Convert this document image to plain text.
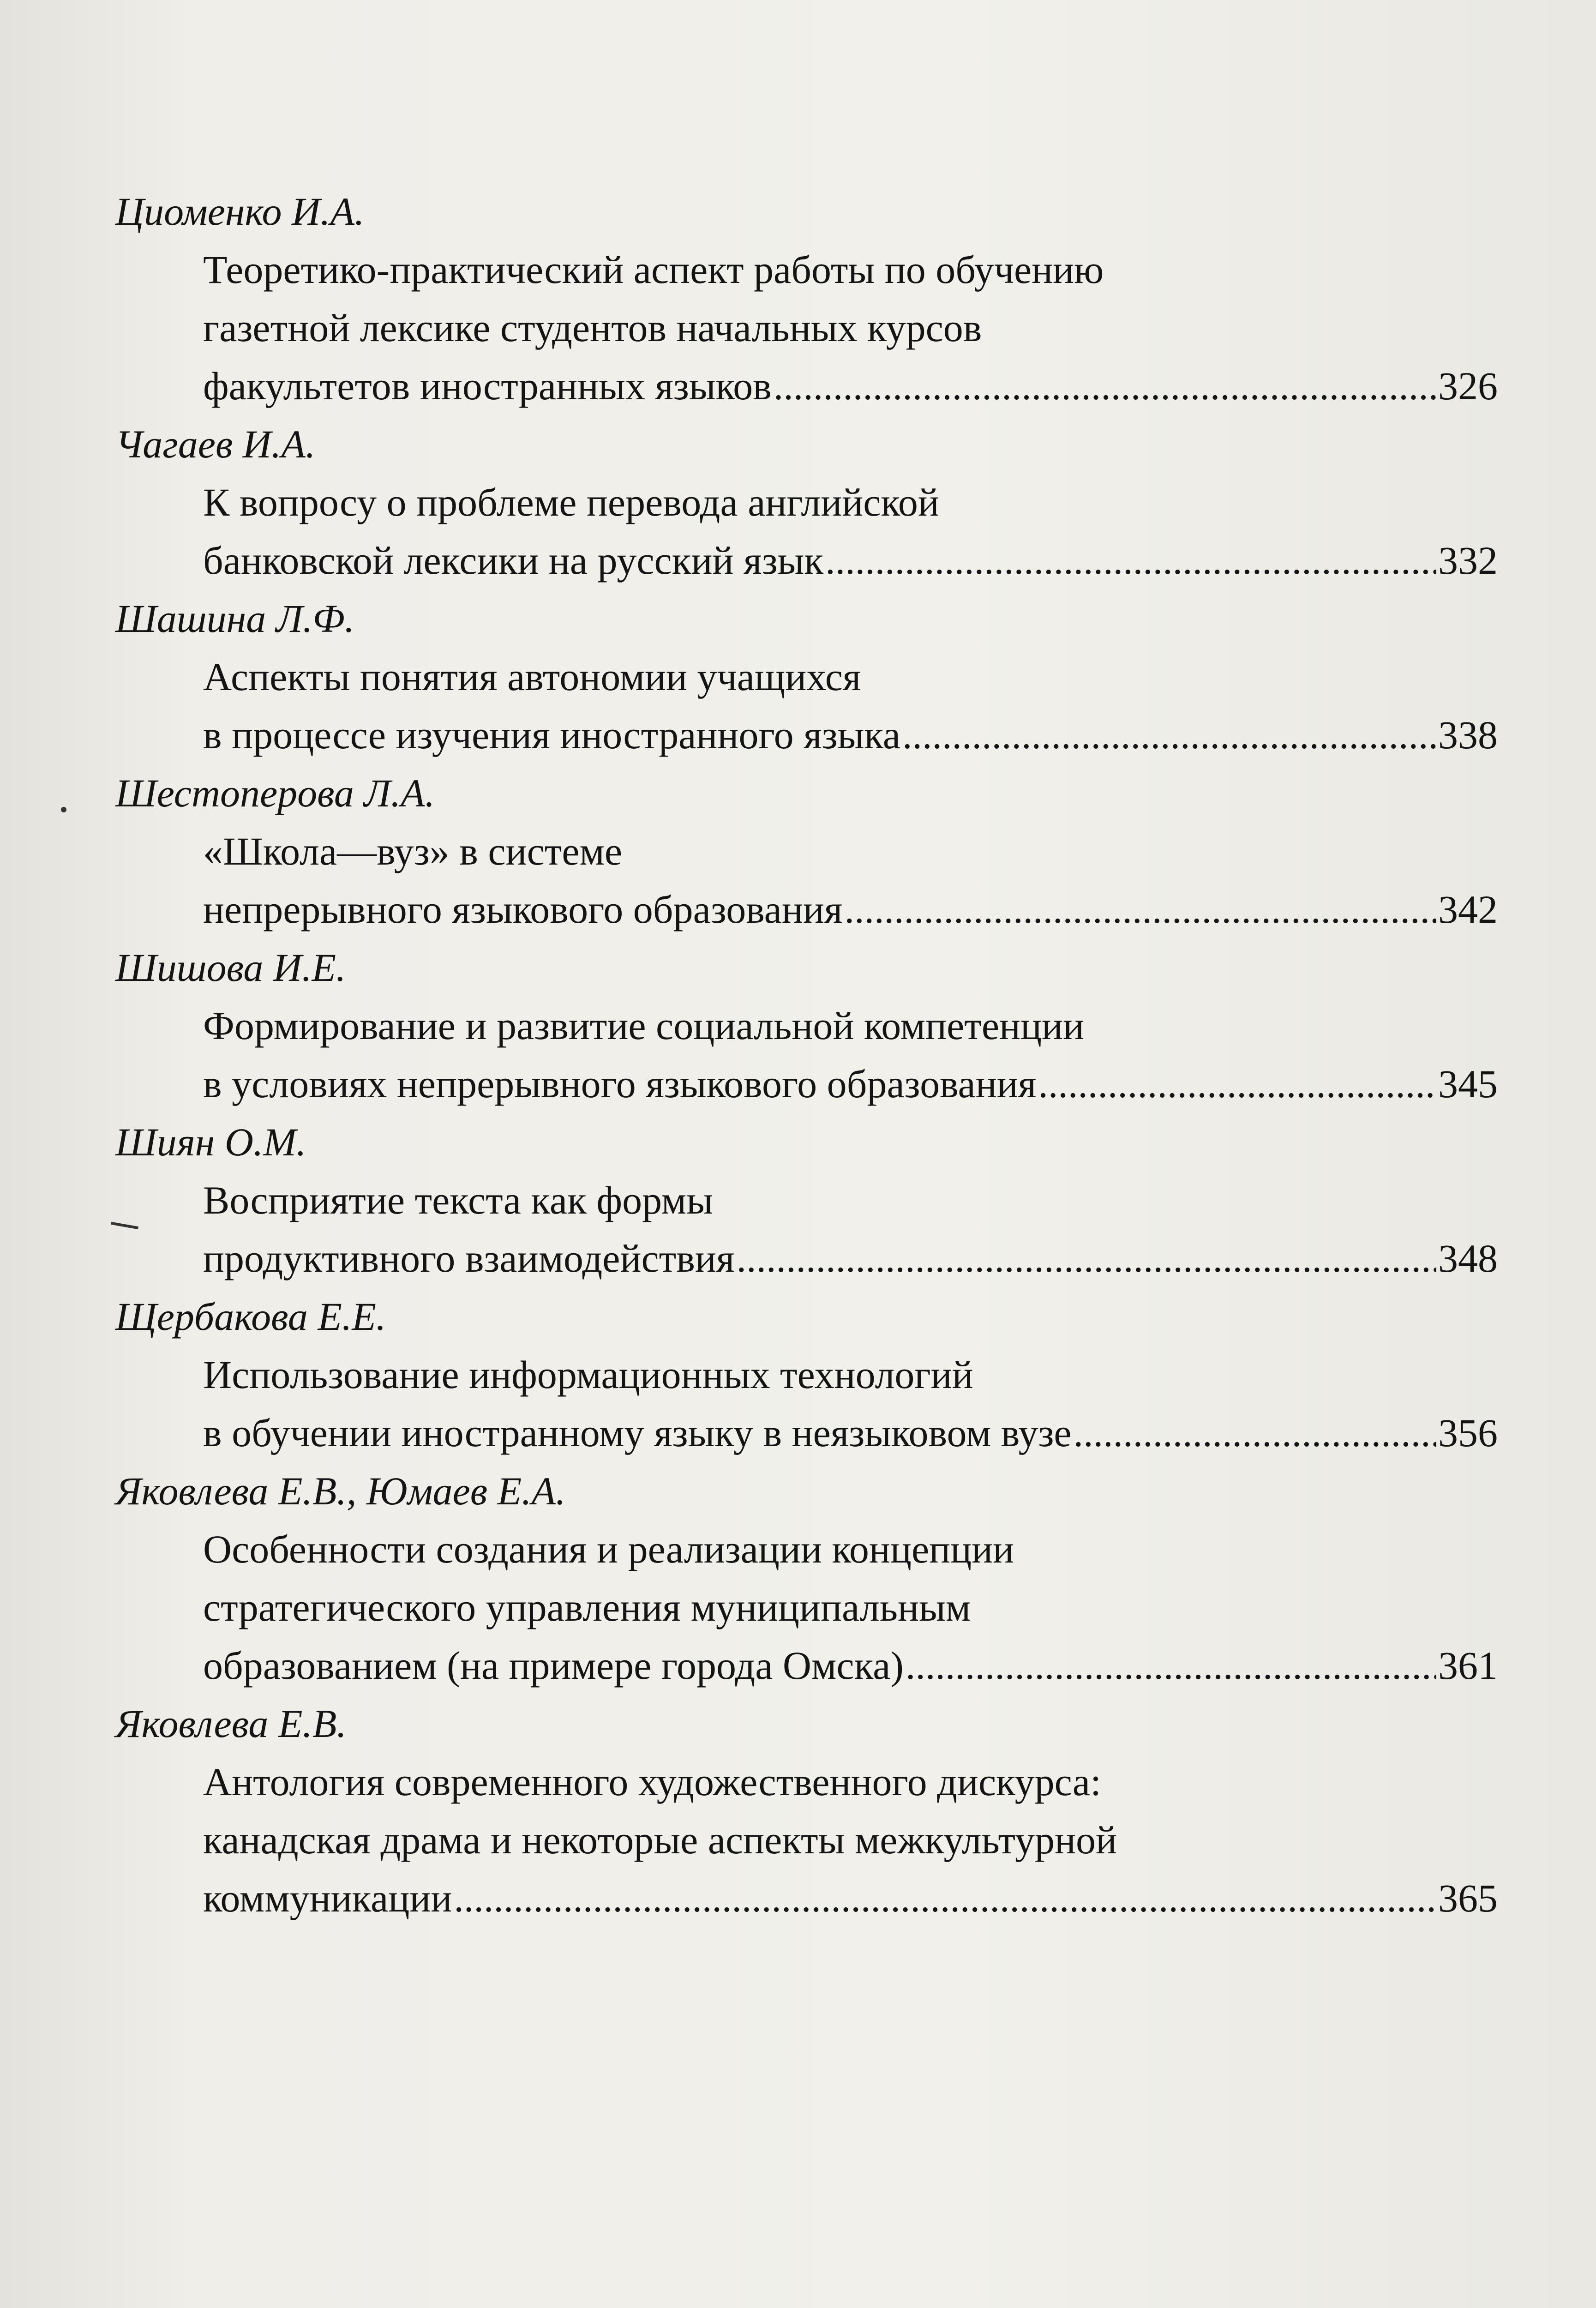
Циоменко И.А.
Теоретико-практический аспект работы по обучению
газетной лексике студентов начальных курсов
факультетов иностранных языков .....	326
Чагаев И.А.
К вопросу о проблеме перевода английской
банковской лексики на русский язык .....	332
Шашина Л.Ф.
Аспекты понятия автономии учащихся
в процессе изучения иностранного языка .....	338
Шестоперова Л.А.
«Школа—вуз» в системе
непрерывного языкового образования .....	342
Шишова И.Е.
Формирование и развитие социальной компетенции
в условиях непрерывного языкового образования .....	345
Шиян О.М.
Восприятие текста как формы
продуктивного взаимодействия .....	348
Щербакова Е.Е.
Использование информационных технологий
в обучении иностранному языку в неязыковом вузе .....	356
Яковлева Е.В., Юмаев Е.А.
Особенности создания и реализации концепции
стратегического управления муниципальным
образованием (на примере города Омска) .....	361
Яковлева Е.В.
Антология современного художественного дискурса:
канадская драма и некоторые аспекты межкультурной
коммуникации .....	365
